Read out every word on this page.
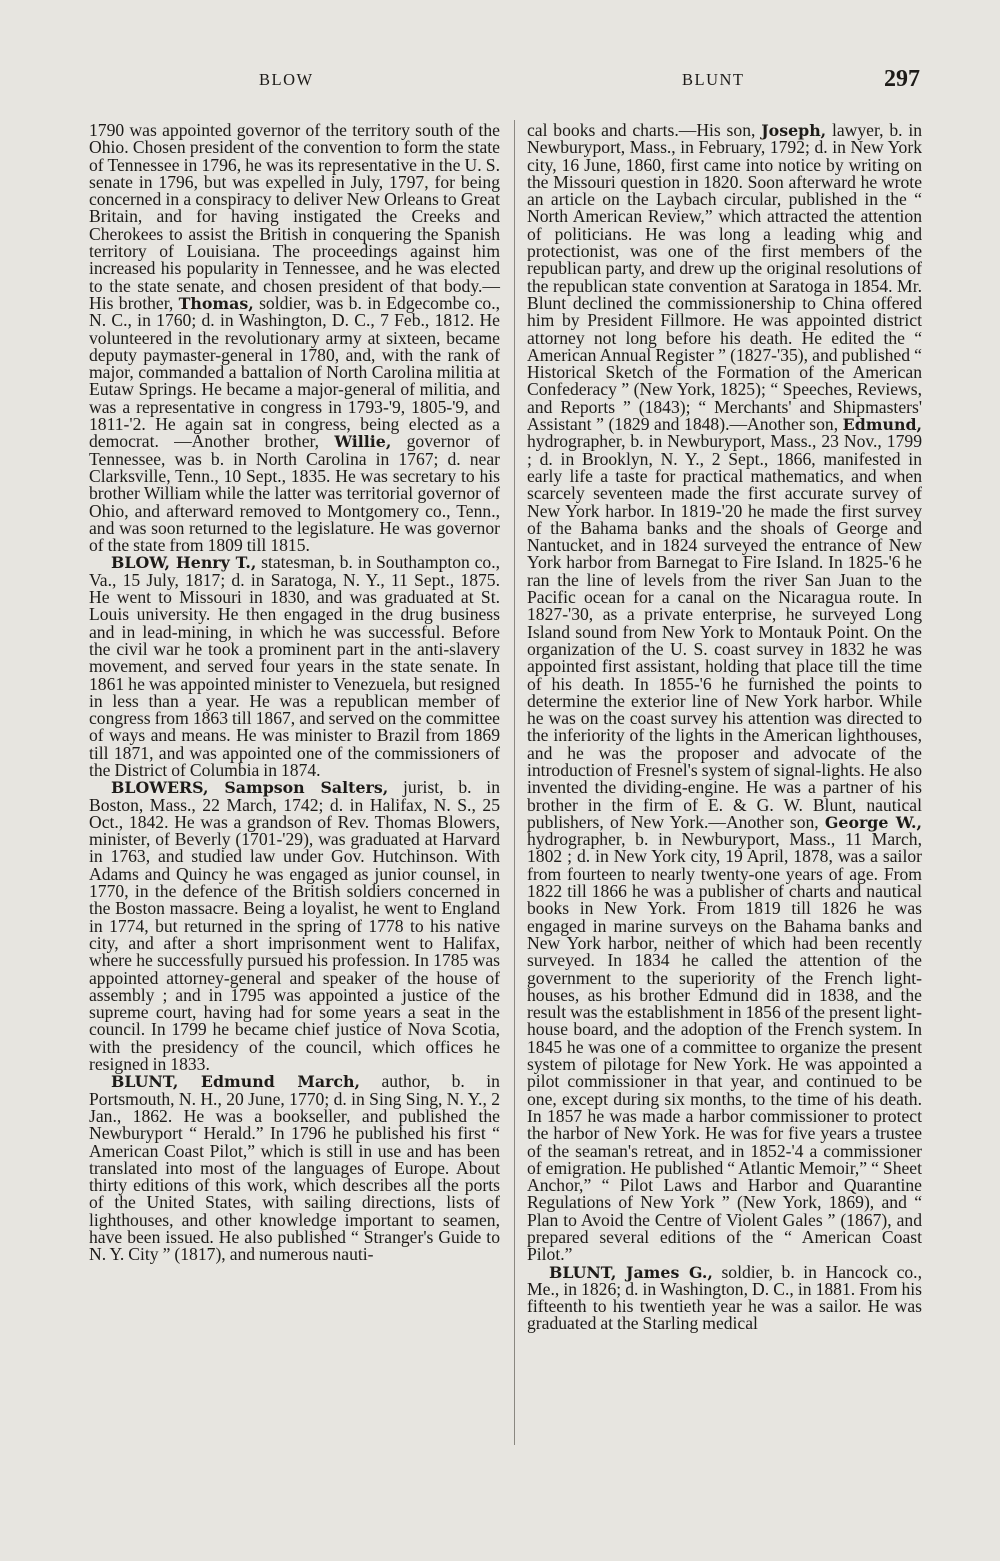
BLOW	BLUNT	297

1790 was appointed governor of the territory south of the Ohio. Chosen president of the convention to form the state of Tennessee in 1796, he was its representative in the U. S. senate in 1796, but was expelled in July, 1797, for being concerned in a conspiracy to deliver New Orleans to Great Britain, and for having instigated the Creeks and Cherokees to assist the British in conquering the Spanish territory of Louisiana. The proceedings against him increased his popularity in Tennessee, and he was elected to the state senate, and chosen president of that body.—His brother, Thomas, soldier, was b. in Edgecombe co., N. C., in 1760; d. in Washington, D. C., 7 Feb., 1812. He volunteered in the revolutionary army at sixteen, became deputy paymaster-general in 1780, and, with the rank of major, commanded a battalion of North Carolina militia at Eutaw Springs. He became a major-general of militia, and was a representative in congress in 1793-'9, 1805-'9, and 1811-'2. He again sat in congress, being elected as a democrat. —Another brother, Willie, governor of Tennessee, was b. in North Carolina in 1767; d. near Clarksville, Tenn., 10 Sept., 1835. He was secretary to his brother William while the latter was territorial governor of Ohio, and afterward removed to Montgomery co., Tenn., and was soon returned to the legislature. He was governor of the state from 1809 till 1815.

BLOW, Henry T., statesman, b. in Southampton co., Va., 15 July, 1817; d. in Saratoga, N. Y., 11 Sept., 1875. He went to Missouri in 1830, and was graduated at St. Louis university. He then engaged in the drug business and in lead-mining, in which he was successful. Before the civil war he took a prominent part in the anti-slavery movement, and served four years in the state senate. In 1861 he was appointed minister to Venezuela, but resigned in less than a year. He was a republican member of congress from 1863 till 1867, and served on the committee of ways and means. He was minister to Brazil from 1869 till 1871, and was appointed one of the commissioners of the District of Columbia in 1874.

BLOWERS, Sampson Salters, jurist, b. in Boston, Mass., 22 March, 1742; d. in Halifax, N. S., 25 Oct., 1842. He was a grandson of Rev. Thomas Blowers, minister, of Beverly (1701-'29), was graduated at Harvard in 1763, and studied law under Gov. Hutchinson. With Adams and Quincy he was engaged as junior counsel, in 1770, in the defence of the British soldiers concerned in the Boston massacre. Being a loyalist, he went to England in 1774, but returned in the spring of 1778 to his native city, and after a short imprisonment went to Halifax, where he successfully pursued his profession. In 1785 was appointed attorney-general and speaker of the house of assembly ; and in 1795 was appointed a justice of the supreme court, having had for some years a seat in the council. In 1799 he became chief justice of Nova Scotia, with the presidency of the council, which offices he resigned in 1833.

BLUNT, Edmund March, author, b. in Portsmouth, N. H., 20 June, 1770; d. in Sing Sing, N. Y., 2 Jan., 1862. He was a bookseller, and published the Newburyport “ Herald.” In 1796 he published his first “ American Coast Pilot,” which is still in use and has been translated into most of the languages of Europe. About thirty editions of this work, which describes all the ports of the United States, with sailing directions, lists of lighthouses, and other knowledge important to seamen, have been issued. He also published “ Stranger's Guide to N. Y. City ” (1817), and numerous nauti-

cal books and charts.—His son, Joseph, lawyer, b. in Newburyport, Mass., in February, 1792; d. in New York city, 16 June, 1860, first came into notice by writing on the Missouri question in 1820. Soon afterward he wrote an article on the Laybach circular, published in the “ North American Review,” which attracted the attention of politicians. He was long a leading whig and protectionist, was one of the first members of the republican party, and drew up the original resolutions of the republican state convention at Saratoga in 1854. Mr. Blunt declined the commissionership to China offered him by President Fillmore. He was appointed district attorney not long before his death. He edited the “ American Annual Register ” (1827-'35), and published “ Historical Sketch of the Formation of the American Confederacy ” (New York, 1825); “ Speeches, Reviews, and Reports ” (1843); “ Merchants' and Shipmasters' Assistant ” (1829 and 1848).—Another son, Edmund, hydrographer, b. in Newburyport, Mass., 23 Nov., 1799 ; d. in Brooklyn, N. Y., 2 Sept., 1866, manifested in early life a taste for practical mathematics, and when scarcely seventeen made the first accurate survey of New York harbor. In 1819-'20 he made the first survey of the Bahama banks and the shoals of George and Nantucket, and in 1824 surveyed the entrance of New York harbor from Barnegat to Fire Island. In 1825-'6 he ran the line of levels from the river San Juan to the Pacific ocean for a canal on the Nicaragua route. In 1827-'30, as a private enterprise, he surveyed Long Island sound from New York to Montauk Point. On the organization of the U. S. coast survey in 1832 he was appointed first assistant, holding that place till the time of his death. In 1855-'6 he furnished the points to determine the exterior line of New York harbor. While he was on the coast survey his attention was directed to the inferiority of the lights in the American lighthouses, and he was the proposer and advocate of the introduction of Fresnel's system of signal-lights. He also invented the dividing-engine. He was a partner of his brother in the firm of E. & G. W. Blunt, nautical publishers, of New York.—Another son, George W., hydrographer, b. in Newburyport, Mass., 11 March, 1802 ; d. in New York city, 19 April, 1878, was a sailor from fourteen to nearly twenty-one years of age. From 1822 till 1866 he was a publisher of charts and nautical books in New York. From 1819 till 1826 he was engaged in marine surveys on the Bahama banks and New York harbor, neither of which had been recently surveyed. In 1834 he called the attention of the government to the superiority of the French light-houses, as his brother Edmund did in 1838, and the result was the establishment in 1856 of the present light-house board, and the adoption of the French system. In 1845 he was one of a committee to organize the present system of pilotage for New York. He was appointed a pilot commissioner in that year, and continued to be one, except during six months, to the time of his death. In 1857 he was made a harbor commissioner to protect the harbor of New York. He was for five years a trustee of the seaman's retreat, and in 1852-'4 a commissioner of emigration. He published “ Atlantic Memoir,” “ Sheet Anchor,” “ Pilot Laws and Harbor and Quarantine Regulations of New York ” (New York, 1869), and “ Plan to Avoid the Centre of Violent Gales ” (1867), and prepared several editions of the “ American Coast Pilot.”

BLUNT, James G., soldier, b. in Hancock co., Me., in 1826; d. in Washington, D. C., in 1881. From his fifteenth to his twentieth year he was a sailor. He was graduated at the Starling medical
